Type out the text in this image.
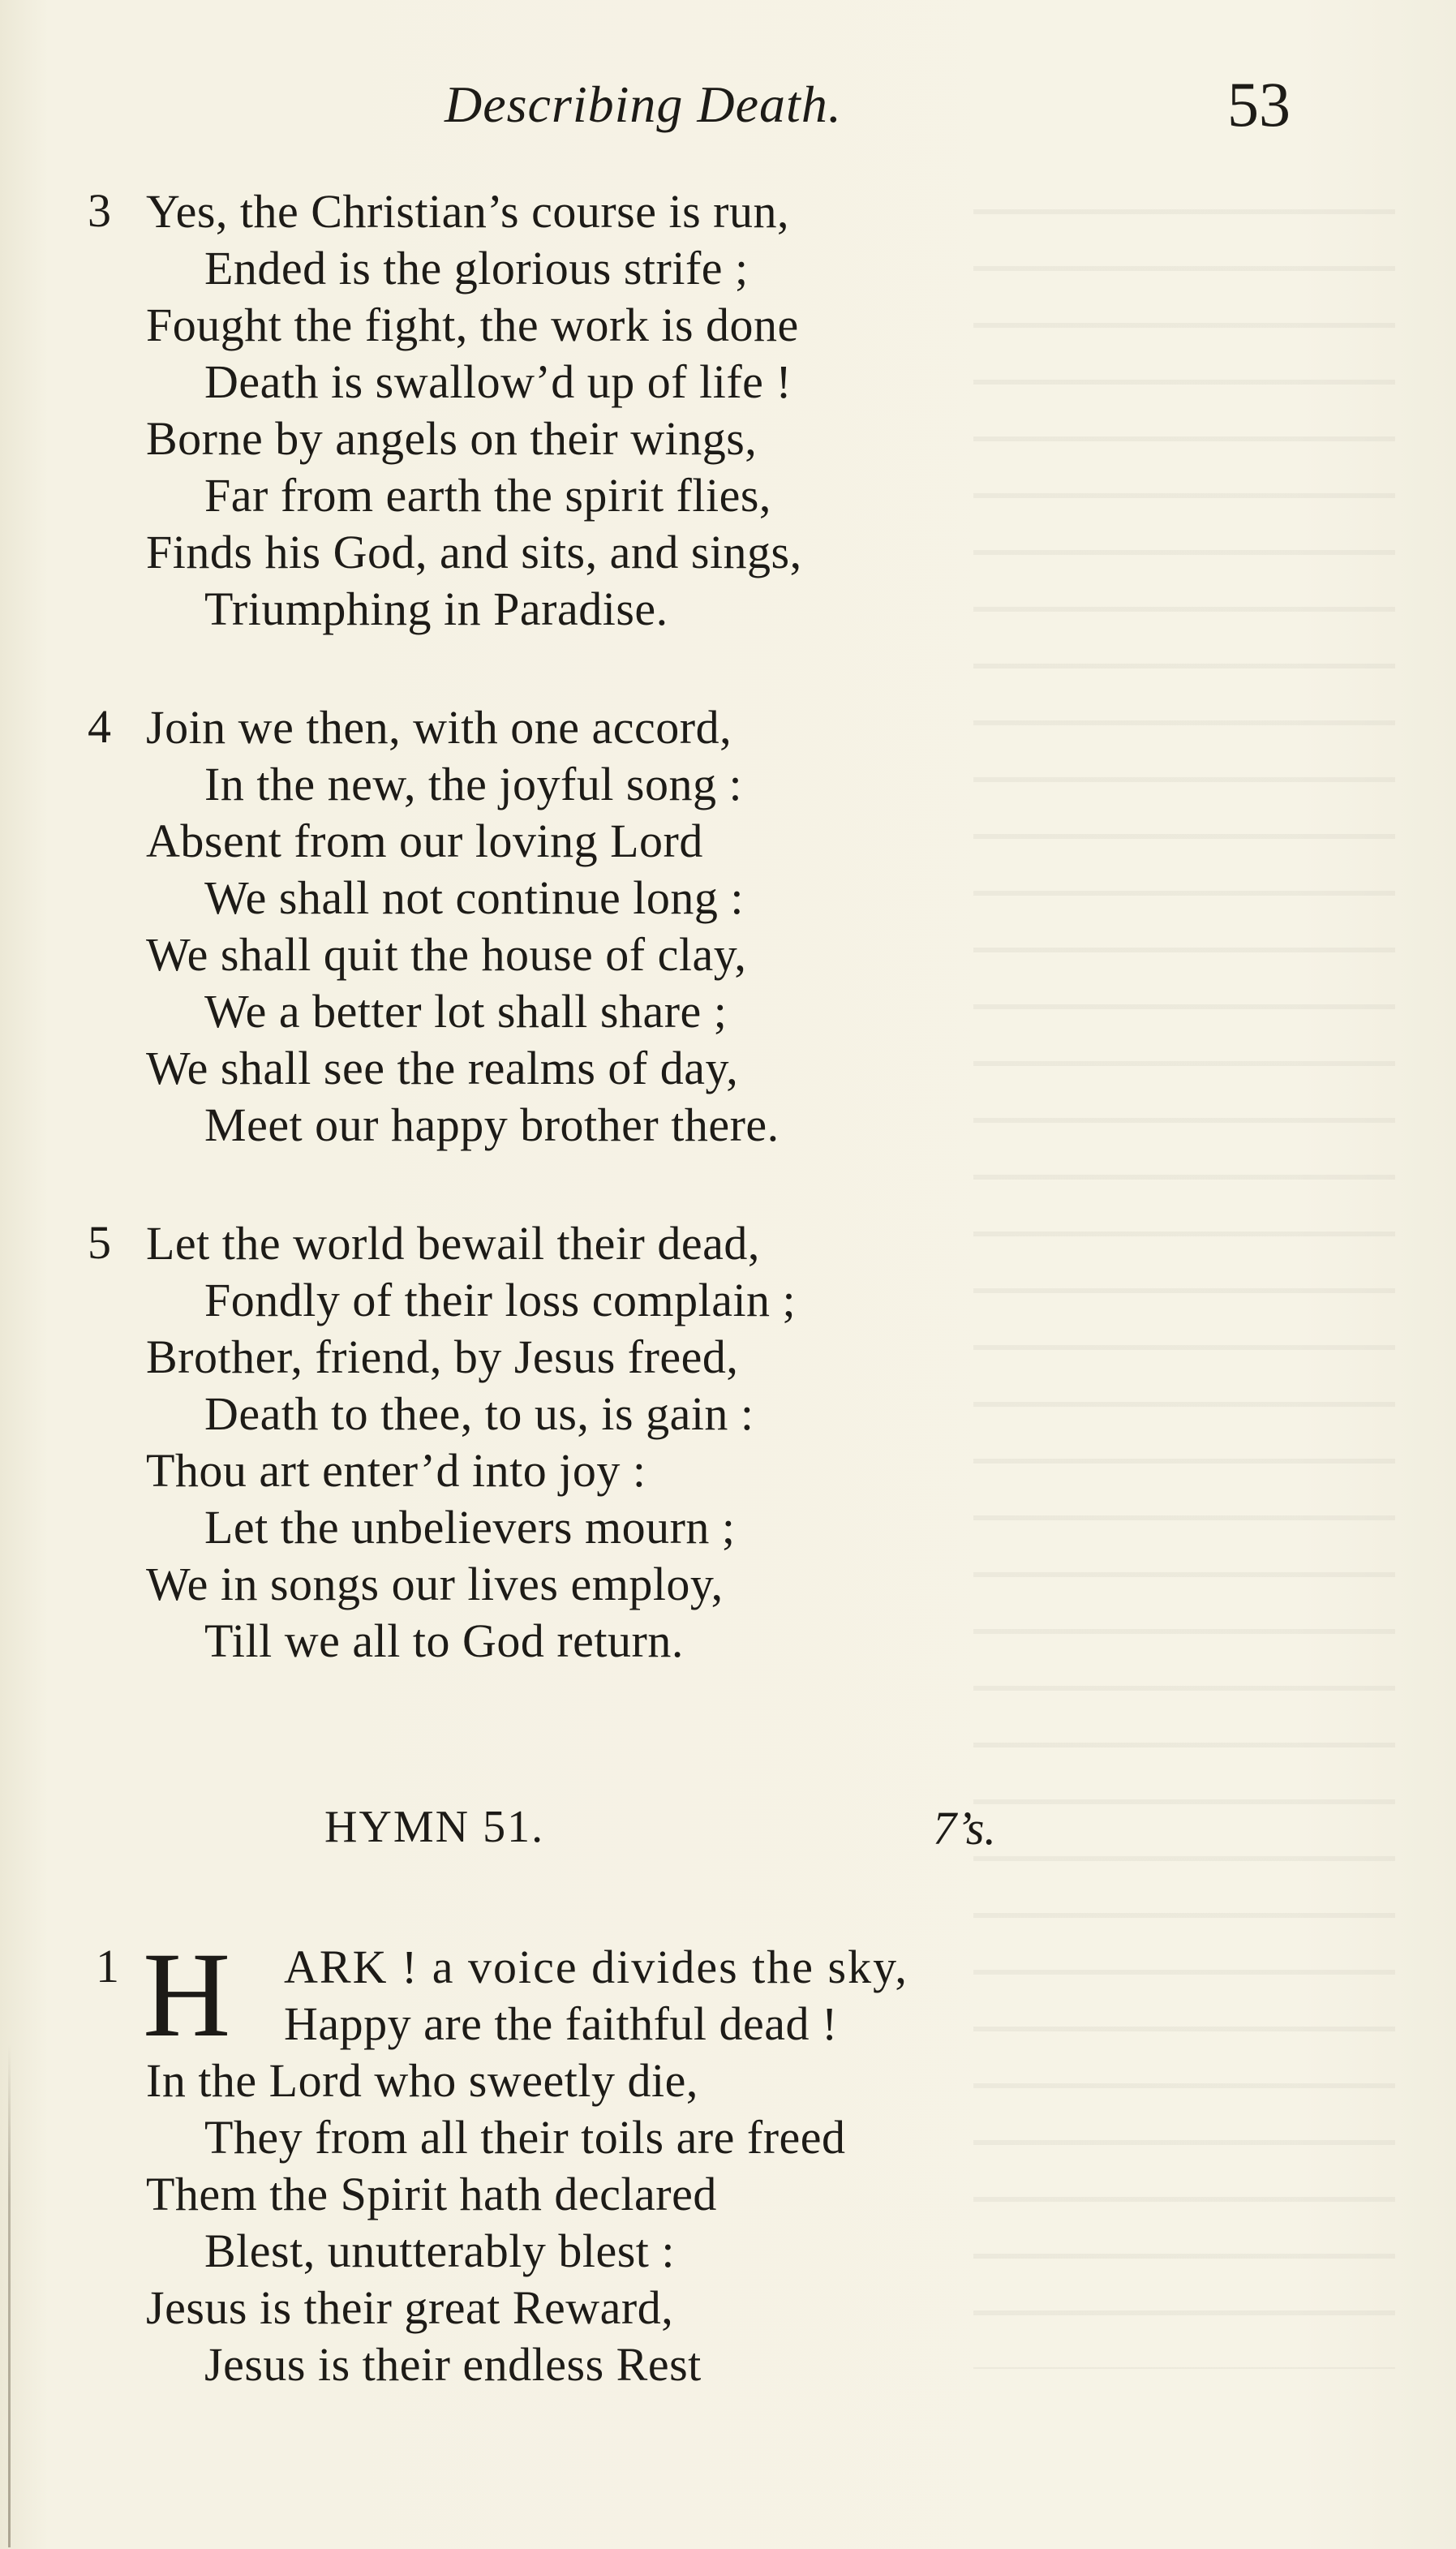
Describing Death.	53
3 Yes, the Christian’s course is run,
Ended is the glorious strife ;
Fought the fight, the work is done
Death is swallow’d up of life !
Borne by angels on their wings,
Far from earth the spirit flies,
Finds his God, and sits, and sings,
Triumphing in Paradise.
4 Join we then, with one accord,
In the new, the joyful song :
Absent from our loving Lord
We shall not continue long :
We shall quit the house of clay,
We a better lot shall share ;
We shall see the realms of day,
Meet our happy brother there.
5 Let the world bewail their dead,
Fondly of their loss complain ;
Brother, friend, by Jesus freed,
Death to thee, to us, is gain :
Thou art enter’d into joy :
Let the unbelievers mourn ;
We in songs our lives employ,
Till we all to God return.
HYMN 51.	7’s.
1 H	ARK ! a voice divides the sky,
Happy are the faithful dead !
In the Lord who sweetly die,
They from all their toils are freed
Them the Spirit hath declared
Blest, unutterably blest :
Jesus is their great Reward,
Jesus is their endless Rest
